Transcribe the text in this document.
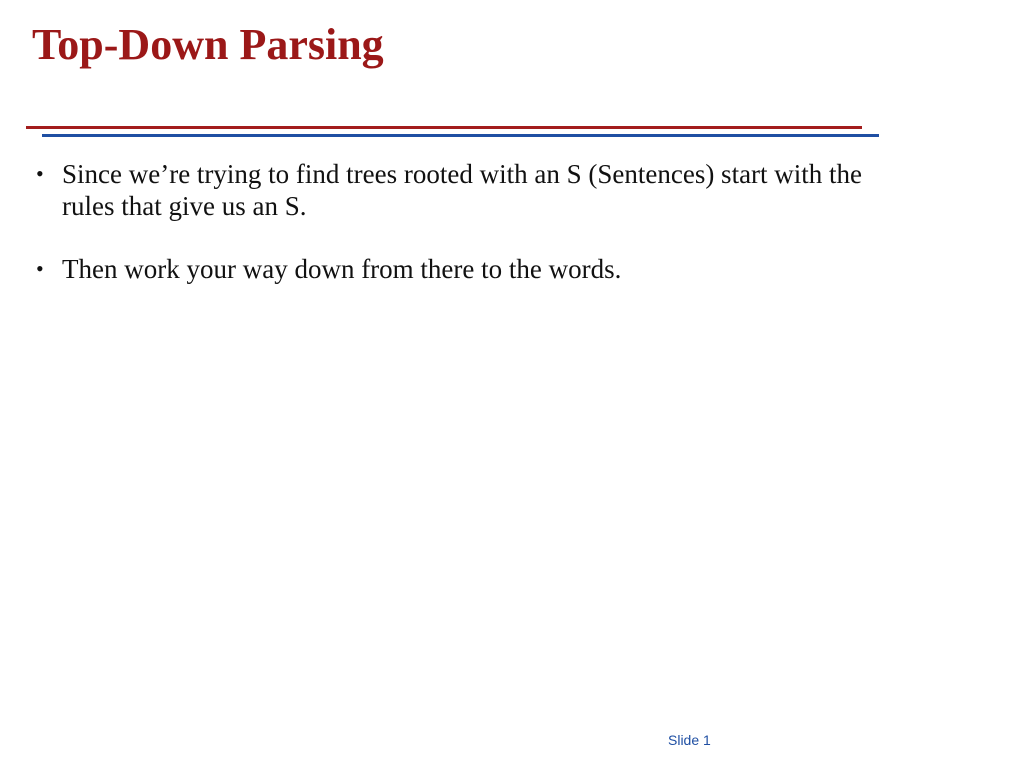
Top-Down Parsing
• Since we’re trying to find trees rooted with an S (Sentences) start with the rules that give us an S.
• Then work your way down from there to the words.
Slide 1
